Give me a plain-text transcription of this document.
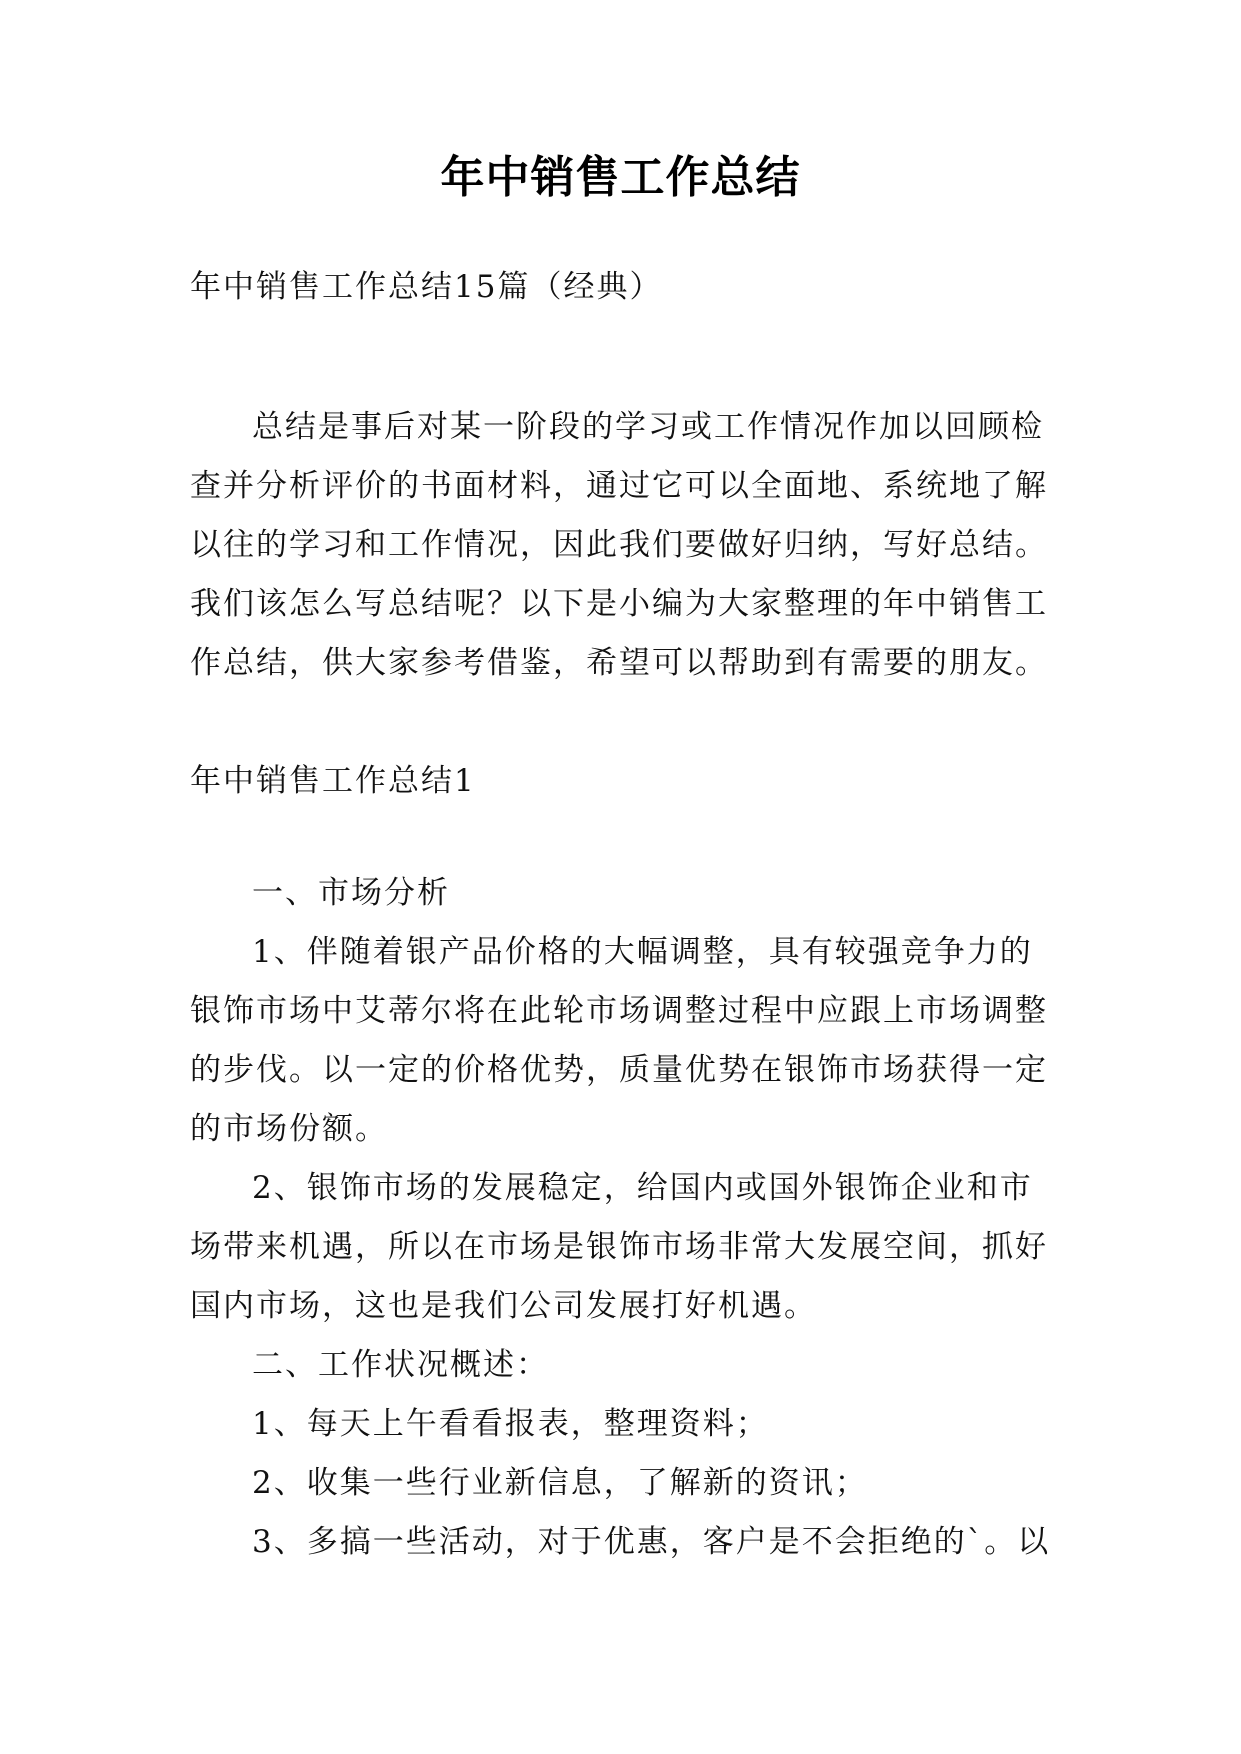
年中销售工作总结
年中销售工作总结15篇（经典）
总结是事后对某一阶段的学习或工作情况作加以回顾检查并分析评价的书面材料，通过它可以全面地、系统地了解以往的学习和工作情况，因此我们要做好归纳，写好总结。我们该怎么写总结呢？以下是小编为大家整理的年中销售工作总结，供大家参考借鉴，希望可以帮助到有需要的朋友。
年中销售工作总结1

一、市场分析

1、伴随着银产品价格的大幅调整，具有较强竞争力的银饰市场中艾蒂尔将在此轮市场调整过程中应跟上市场调整的步伐。以一定的价格优势，质量优势在银饰市场获得一定的市场份额。

2、银饰市场的发展稳定，给国内或国外银饰企业和市场带来机遇，所以在市场是银饰市场非常大发展空间，抓好国内市场，这也是我们公司发展打好机遇。

二、工作状况概述：

1、每天上午看看报表，整理资料；

2、收集一些行业新信息，了解新的资讯；

3、多搞一些活动，对于优惠，客户是不会拒绝的`。以
